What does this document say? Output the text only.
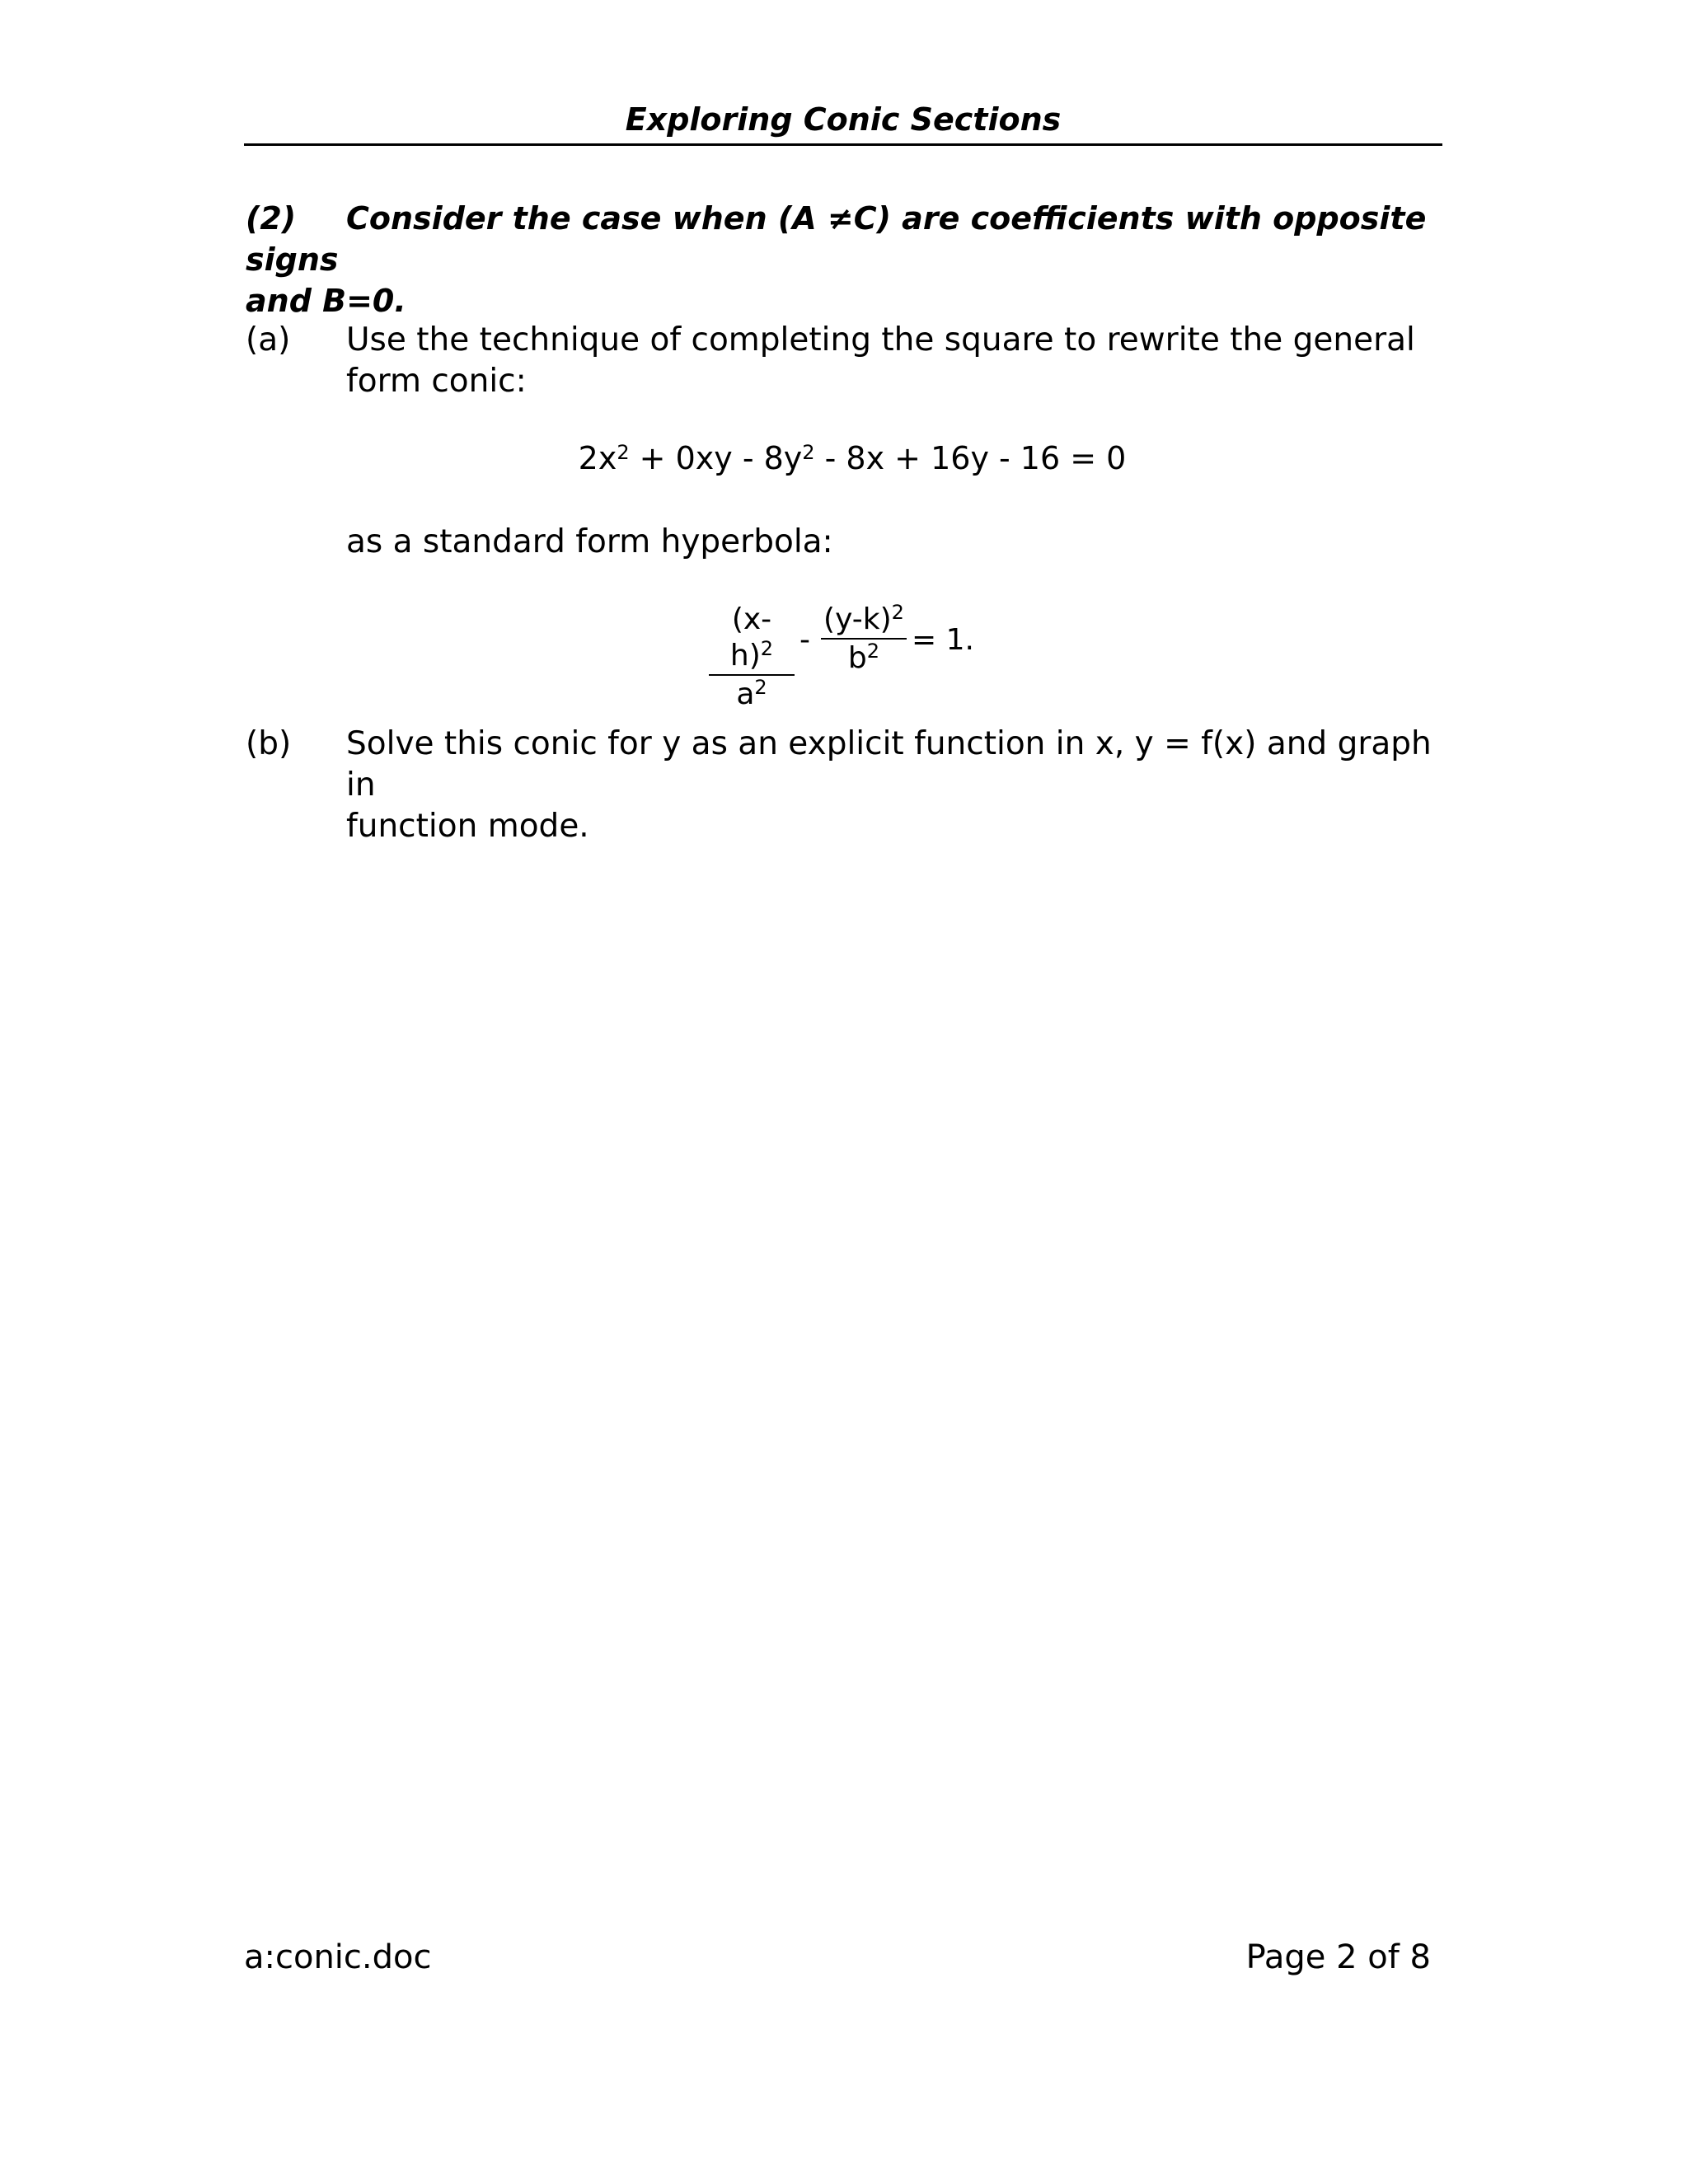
Exploring Conic Sections
(2) Consider the case when (A ≠C) are coefficients with opposite signs
and B=0.
(a) Use the technique of completing the square to rewrite the general
form conic:
$2x^2 + 0xy - 8y^2 - 8x + 16y - 16 = 0$
as a standard form hyperbola:
$\frac{(x-h)^2}{a^2} - \frac{(y-k)^2}{b^2} = 1$.
(b) Solve this conic for y as an explicit function in x, y = f(x) and graph in
function mode.
a:conic.doc	Page 2 of 8
